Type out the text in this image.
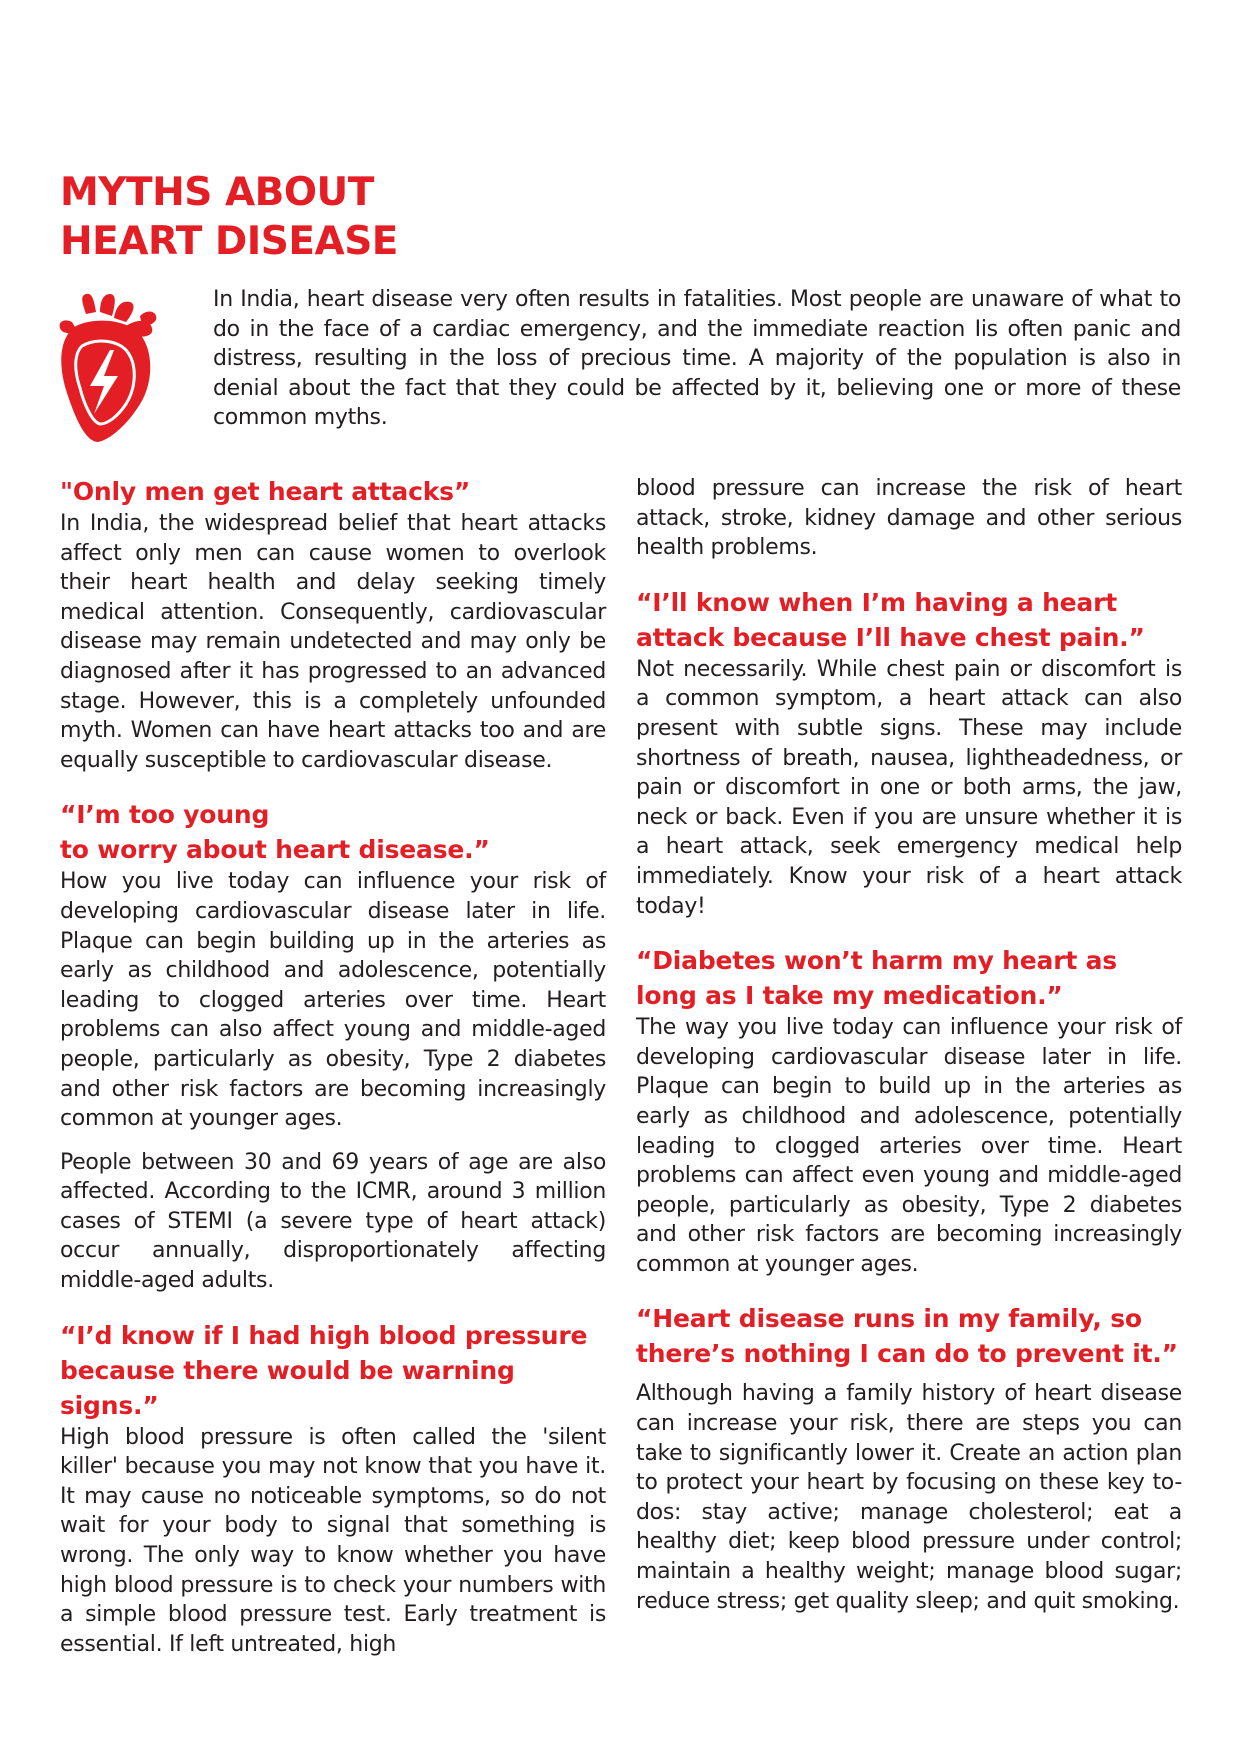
MYTHS ABOUT
HEART DISEASE

In India, heart disease very often results in fatalities. Most people are unaware of what to do in the face of a cardiac emergency, and the immediate reaction Iis often panic and distress, resulting in the loss of precious time. A majority of the population is also in denial about the fact that they could be affected by it, believing one or more of these common myths.

"Only men get heart attacks”

In India, the widespread belief that heart attacks affect only men can cause women to overlook their heart health and delay seeking timely medical attention. Consequently, cardiovascular disease may remain undetected and may only be diagnosed after it has progressed to an advanced stage. However, this is a completely unfounded myth. Women can have heart attacks too and are equally susceptible to cardiovascular disease.

“I’m too young
to worry about heart disease.”

How you live today can influence your risk of developing cardiovascular disease later in life. Plaque can begin building up in the arteries as early as childhood and adolescence, potentially leading to clogged arteries over time. Heart problems can also affect young and middle-aged people, particularly as obesity, Type 2 diabetes and other risk factors are becoming increasingly common at younger ages.

People between 30 and 69 years of age are also affected. According to the ICMR, around 3 million cases of STEMI (a severe type of heart attack) occur annually, disproportionately affecting middle-aged adults.

“I’d know if I had high blood pressure because there would be warning signs.”

High blood pressure is often called the 'silent killer' because you may not know that you have it. It may cause no noticeable symptoms, so do not wait for your body to signal that something is wrong. The only way to know whether you have high blood pressure is to check your numbers with a simple blood pressure test. Early treatment is essential. If left untreated, high

blood pressure can increase the risk of heart attack, stroke, kidney damage and other serious health problems.

“I’ll know when I’m having a heart attack because I’ll have chest pain.”

Not necessarily. While chest pain or discomfort is a common symptom, a heart attack can also present with subtle signs. These may include shortness of breath, nausea, lightheadedness, or pain or discomfort in one or both arms, the jaw, neck or back. Even if you are unsure whether it is a heart attack, seek emergency medical help immediately. Know your risk of a heart attack today!

“Diabetes won’t harm my heart as long as I take my medication.”

The way you live today can influence your risk of developing cardiovascular disease later in life. Plaque can begin to build up in the arteries as early as childhood and adolescence, potentially leading to clogged arteries over time. Heart problems can affect even young and middle-aged people, particularly as obesity, Type 2 diabetes and other risk factors are becoming increasingly common at younger ages.

“Heart disease runs in my family, so there’s nothing I can do to prevent it.”

Although having a family history of heart disease can increase your risk, there are steps you can take to significantly lower it. Create an action plan to protect your heart by focusing on these key to-dos: stay active; manage cholesterol; eat a healthy diet; keep blood pressure under control; maintain a healthy weight; manage blood sugar; reduce stress; get quality sleep; and quit smoking.
